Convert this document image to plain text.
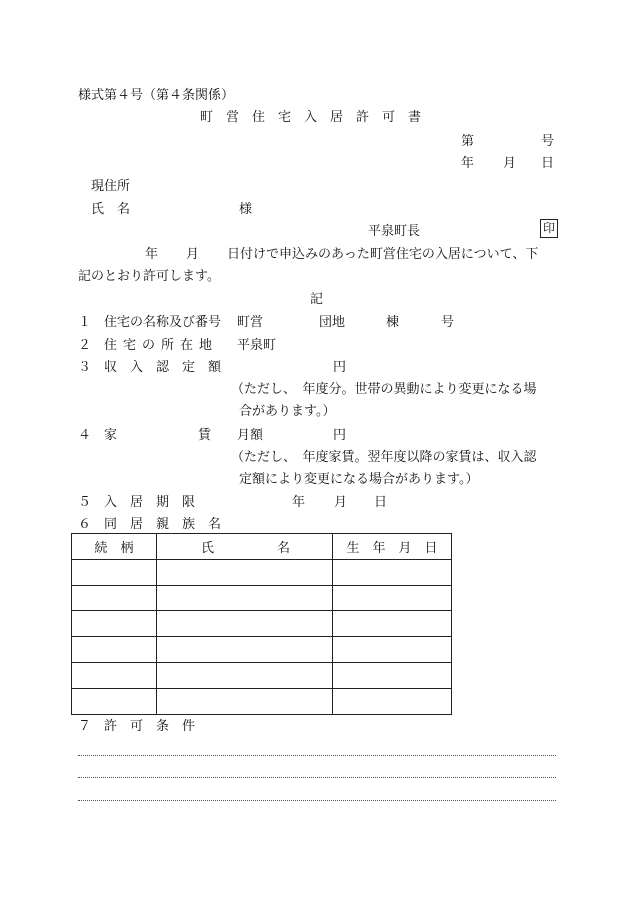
様式第４号（第４条関係）
町営住宅入居許可書
第	号
年 月 日
現住所
氏　名	様
平泉町長	印
年 月 日付けで申込みのあった町営住宅の入居について、下
記のとおり許可します。
記
１ 住宅の名称及び番号 町営	団地	棟	号
２ 住宅の所在地 平泉町
３ 収入認定額	円
（ただし、　年度分。世帯の異動により変更になる場
合があります。）
４ 家	賃 月額	円
（ただし、　年度家賃。翌年度以降の家賃は、収入認
定額により変更になる場合があります。）
５ 入居期限	年 月 日
６ 同居親族名
続　柄	氏 名	生　年　月　日

７ 許可条件
